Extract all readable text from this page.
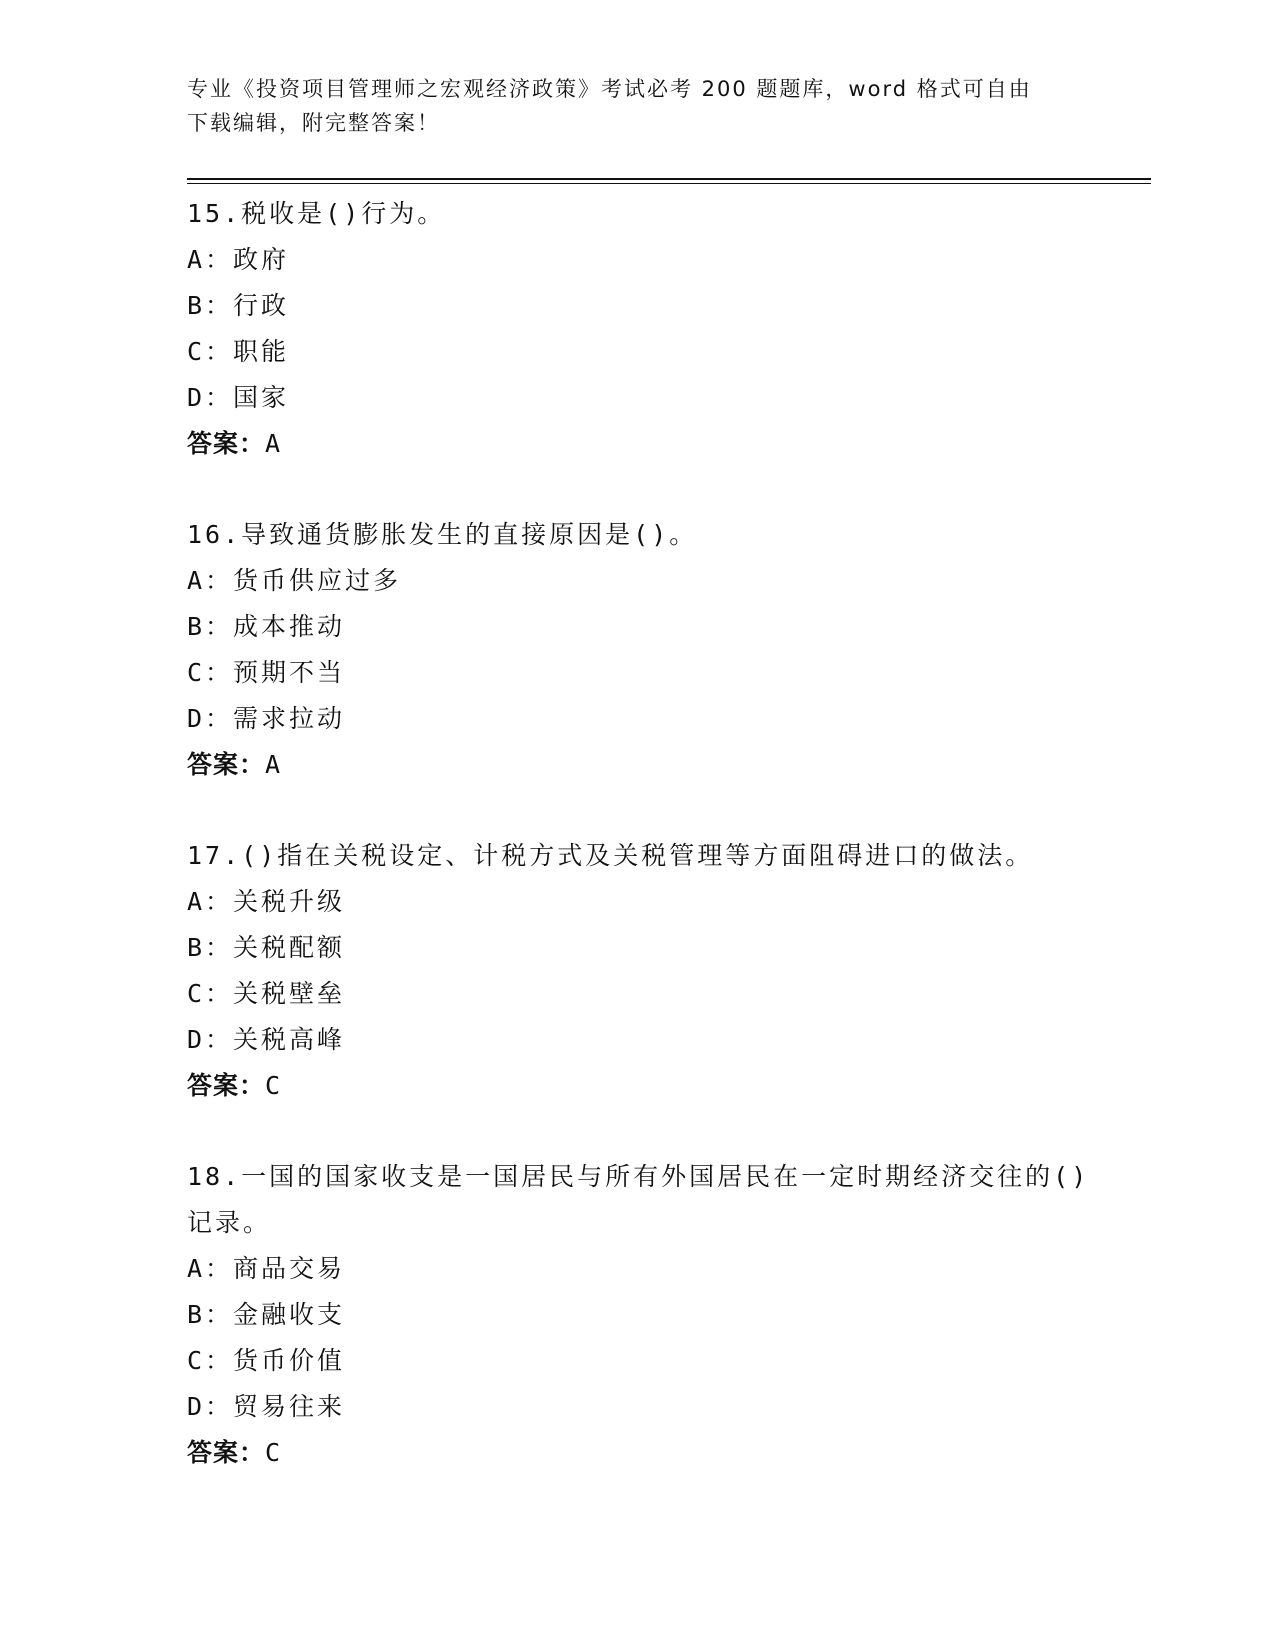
专业《投资项目管理师之宏观经济政策》考试必考 200 题题库，word 格式可自由
下载编辑，附完整答案！
15.税收是()行为。
A：政府
B：行政
C：职能
D：国家
答案：A
16.导致通货膨胀发生的直接原因是()。
A：货币供应过多
B：成本推动
C：预期不当
D：需求拉动
答案：A
17.()指在关税设定、计税方式及关税管理等方面阻碍进口的做法。
A：关税升级
B：关税配额
C：关税壁垒
D：关税高峰
答案：C
18.一国的国家收支是一国居民与所有外国居民在一定时期经济交往的()记录。
A：商品交易
B：金融收支
C：货币价值
D：贸易往来
答案：C
